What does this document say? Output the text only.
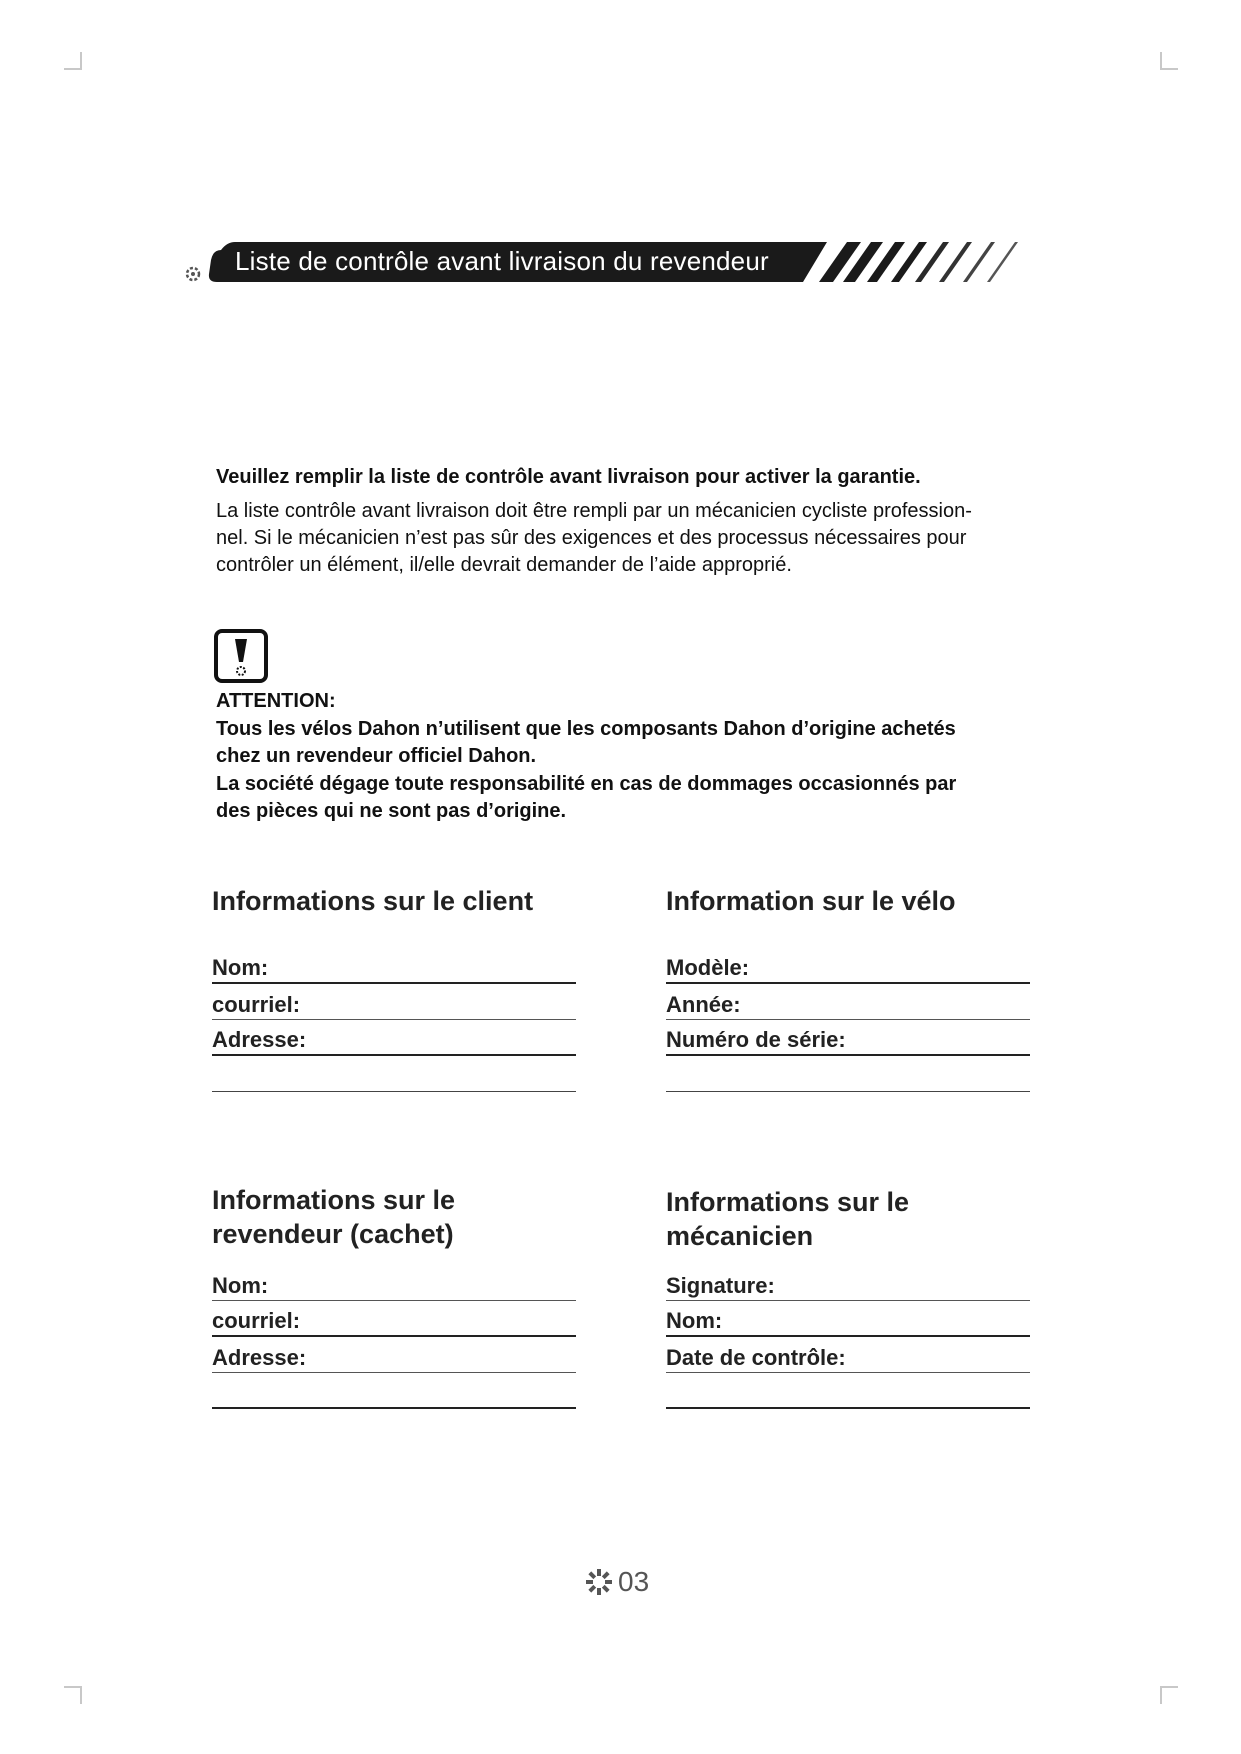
Liste de contrôle avant livraison du revendeur

Veuillez remplir la liste de contrôle avant livraison pour activer la garantie.

La liste contrôle avant livraison doit être rempli par un mécanicien cycliste profession-

nel. Si le mécanicien n’est pas sûr des exigences et des processus nécessaires pour

contrôler un élément, il/elle devrait demander de l’aide approprié.

ATTENTION:

Tous les vélos Dahon n’utilisent que les composants Dahon d’origine achetés

chez un revendeur officiel Dahon.

La société dégage toute responsabilité en cas de dommages occasionnés par

des pièces qui ne sont pas d’origine.

Informations sur le client
Nom:
courriel:
Adresse:
Information sur le vélo
Modèle:
Année:
Numéro de série:
Informations sur le
revendeur (cachet)
Nom:
courriel:
Adresse:
Informations sur le
mécanicien
Signature:
Nom:
Date de contrôle:
03
